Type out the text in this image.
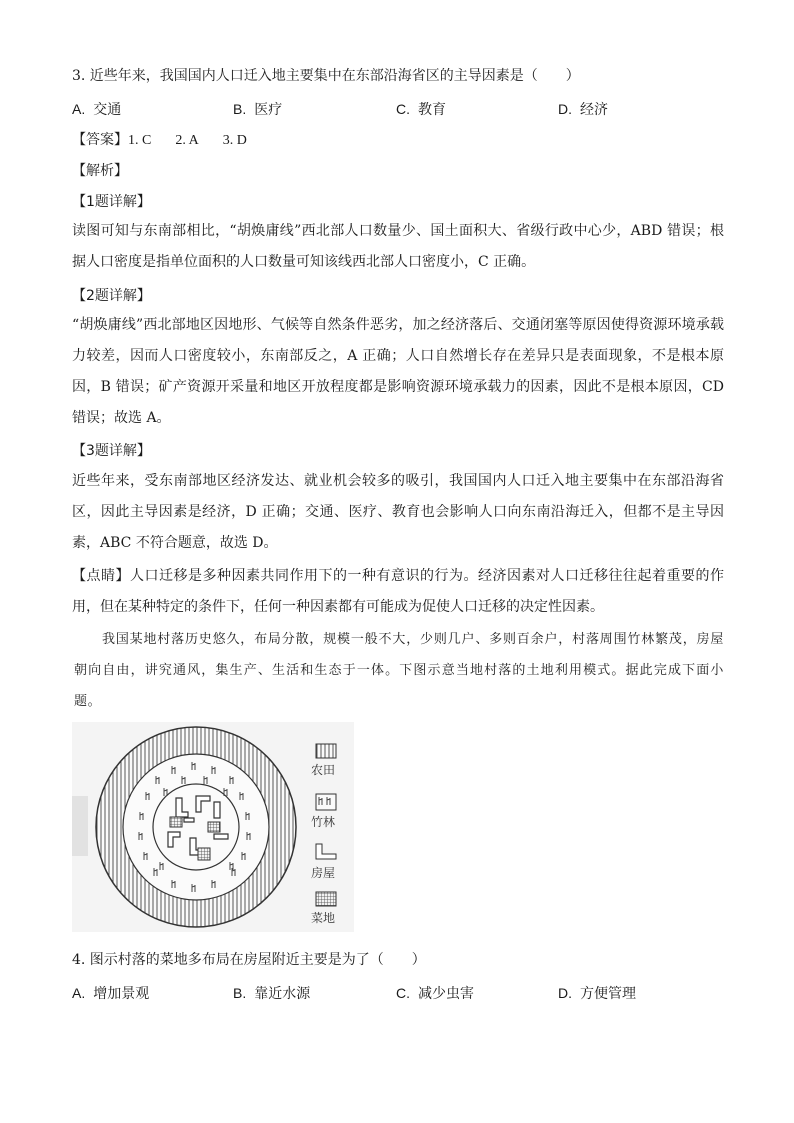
3. 近些年来，我国国内人口迁入地主要集中在东部沿海省区的主导因素是（　　）
A. 交通	B. 医疗	C. 教育	D. 经济
【答案】1. C 2. A 3. D
【解析】
【1题详解】
读图可知与东南部相比，“胡焕庸线”西北部人口数量少、国土面积大、省级行政中心少，ABD 错误；根据人口密度是指单位面积的人口数量可知该线西北部人口密度小，C 正确。
【2题详解】
“胡焕庸线”西北部地区因地形、气候等自然条件恶劣，加之经济落后、交通闭塞等原因使得资源环境承载力较差，因而人口密度较小，东南部反之，A 正确；人口自然增长存在差异只是表面现象，不是根本原因，B 错误；矿产资源开采量和地区开放程度都是影响资源环境承载力的因素，因此不是根本原因，CD 错误；故选 A。
【3题详解】
近些年来，受东南部地区经济发达、就业机会较多的吸引，我国国内人口迁入地主要集中在东部沿海省区，因此主导因素是经济，D 正确；交通、医疗、教育也会影响人口向东南沿海迁入，但都不是主导因素，ABC 不符合题意，故选 D。
【点睛】人口迁移是多种因素共同作用下的一种有意识的行为。经济因素对人口迁移往往起着重要的作用，但在某种特定的条件下，任何一种因素都有可能成为促使人口迁移的决定性因素。
我国某地村落历史悠久，布局分散，规模一般不大，少则几户、多则百余户，村落周围竹林繁茂，房屋朝向自由，讲究通风，集生产、生活和生态于一体。下图示意当地村落的土地利用模式。据此完成下面小题。
农田
竹林
房屋
菜地
4. 图示村落的菜地多布局在房屋附近主要是为了（　　）
A. 增加景观	B. 靠近水源	C. 减少虫害	D. 方便管理
